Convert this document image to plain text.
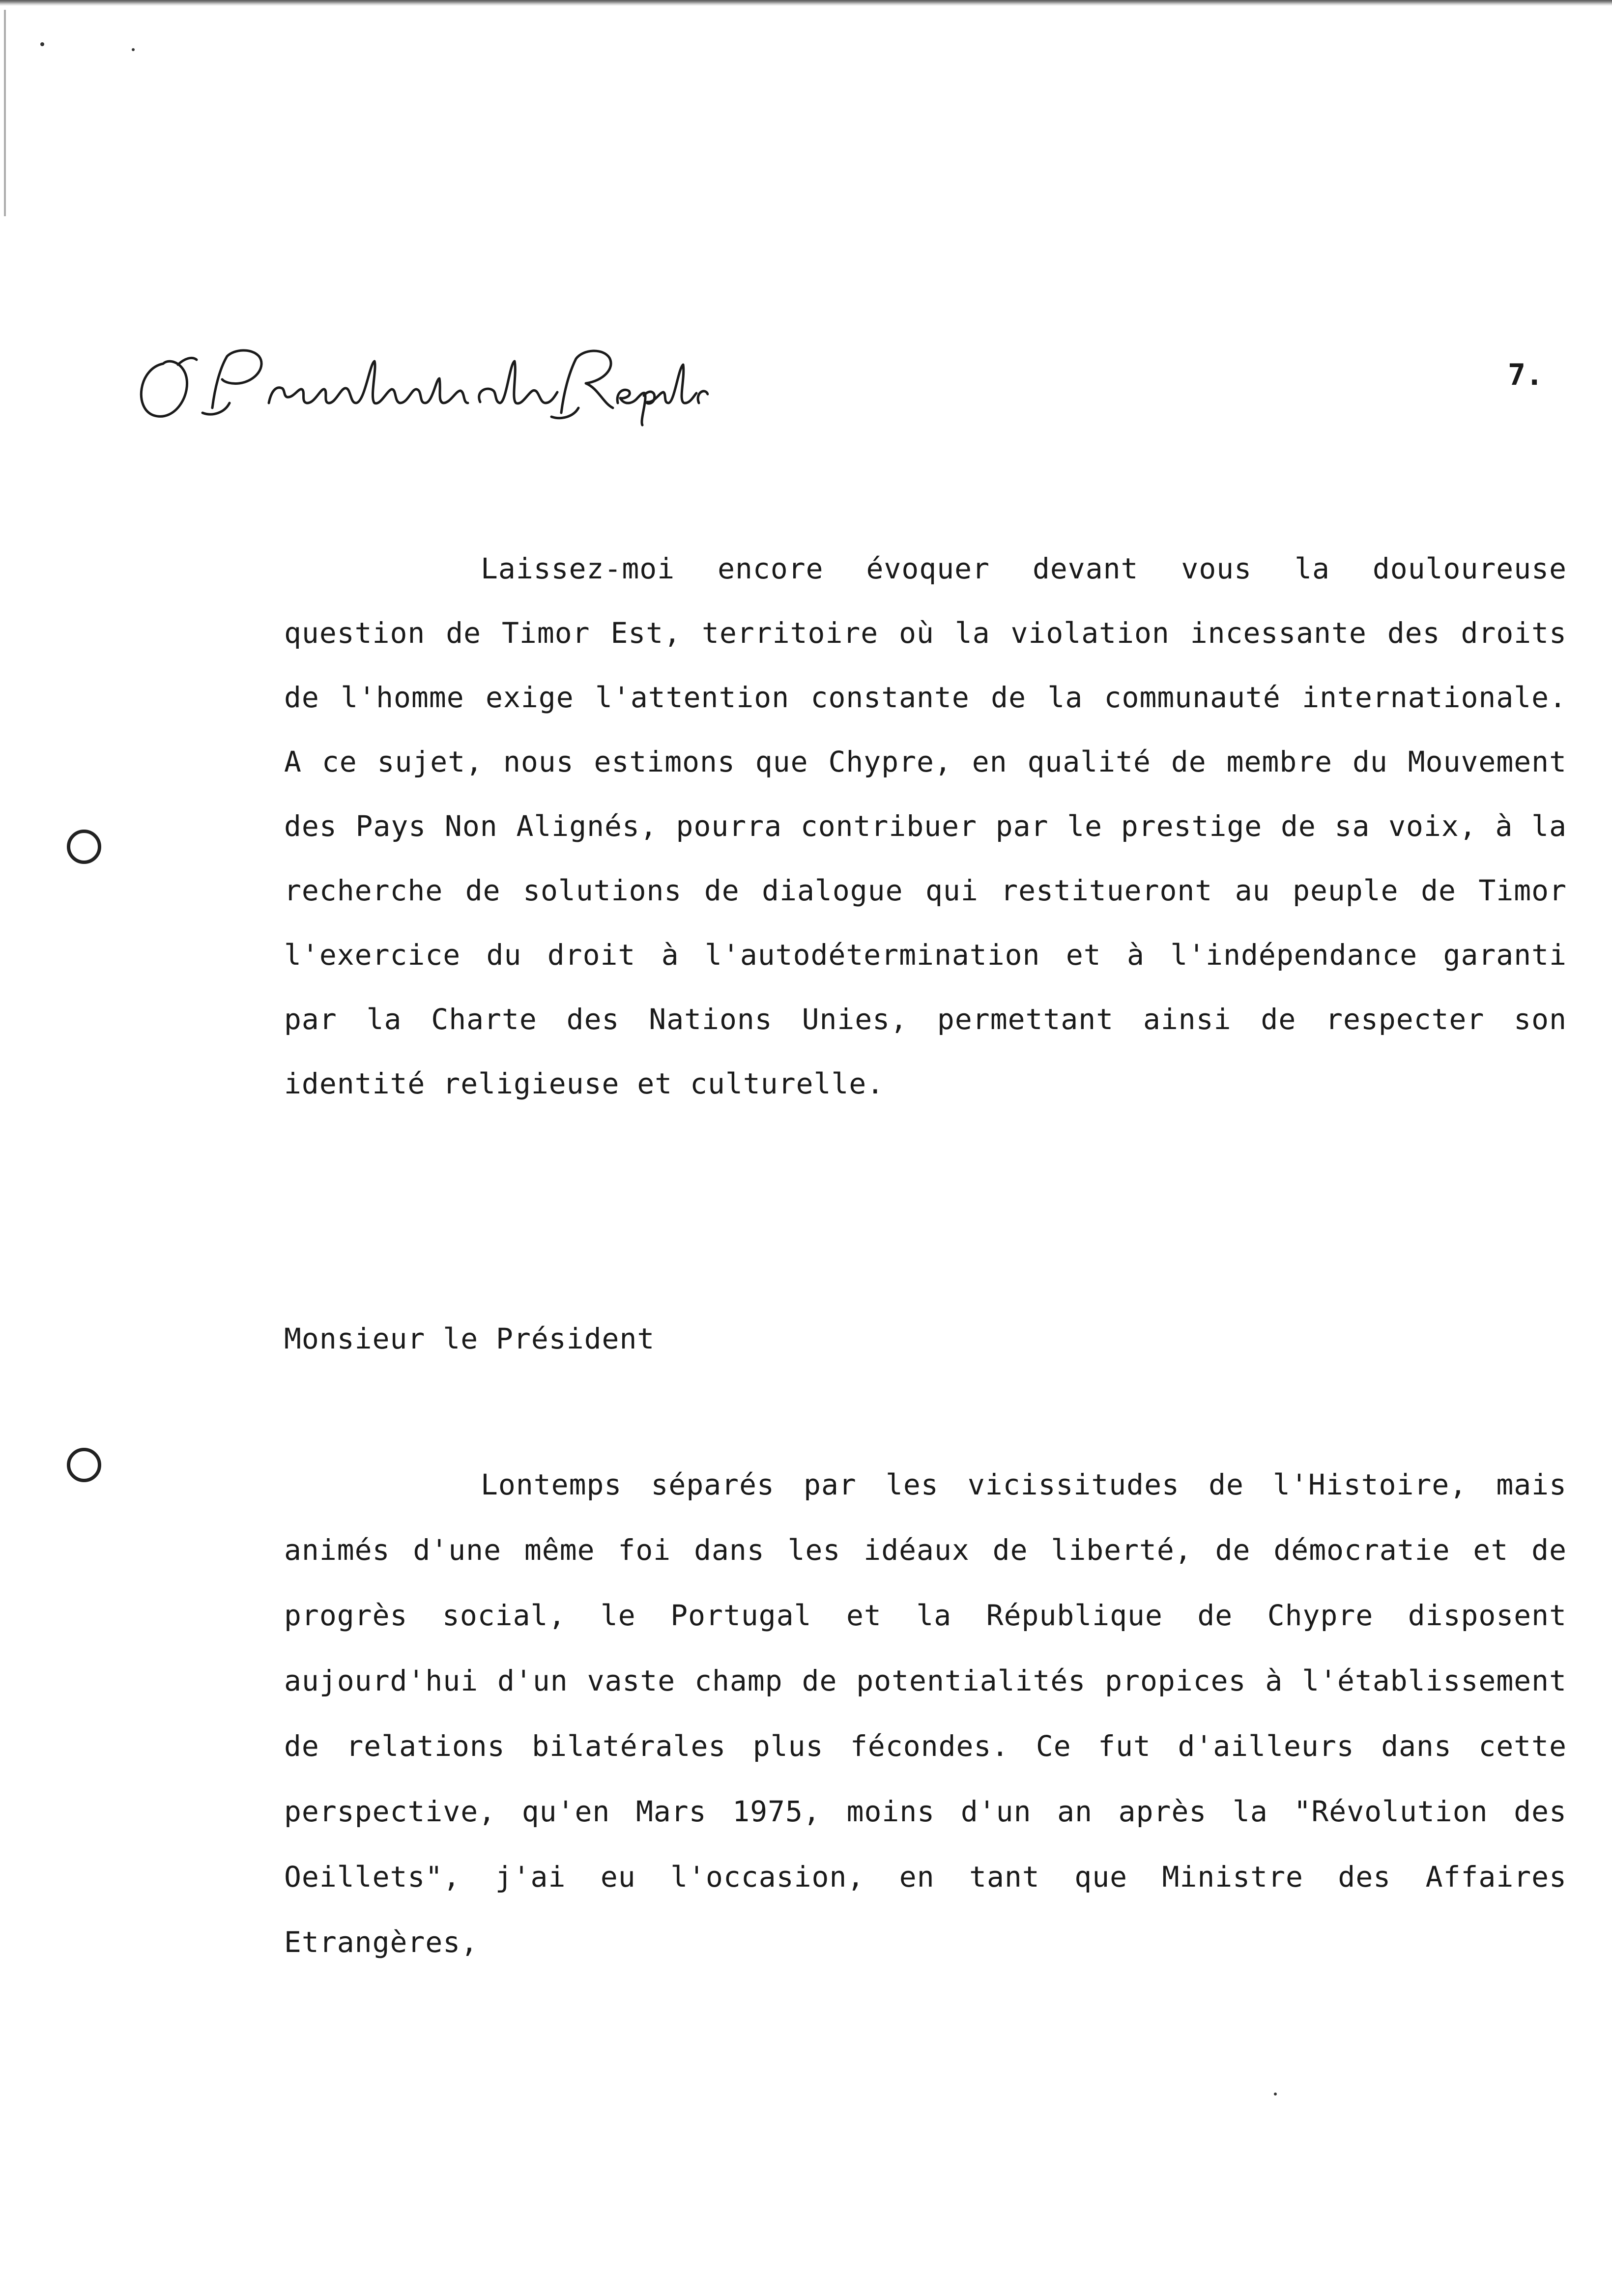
7.
Laissez-moi encore évoquer devant vous la douloureuse question de Timor Est, territoire où la violation incessante des droits de l'homme exige l'attention constante de la communauté internationale. A ce sujet, nous estimons que Chypre, en qualité de membre du Mouvement des Pays Non Alignés, pourra contribuer par le prestige de sa voix, à la recherche de solutions de dialogue qui restitueront au peuple de Timor l'exercice du droit à l'autodétermination et à l'indépendance garanti par la Charte des Nations Unies, permettant ainsi de respecter son identité religieuse et culturelle.
Monsieur le Président
Lontemps séparés par les vicissitudes de l'Histoire, mais animés d'une même foi dans les idéaux de liberté, de démocratie et de progrès social, le Portugal et la République de Chypre disposent aujourd'hui d'un vaste champ de potentialités propices à l'établissement de relations bilatérales plus fécondes. Ce fut d'ailleurs dans cette perspective, qu'en Mars 1975, moins d'un an après la "Révolution des Oeillets", j'ai eu l'occasion, en tant que Ministre des Affaires Etrangères,
